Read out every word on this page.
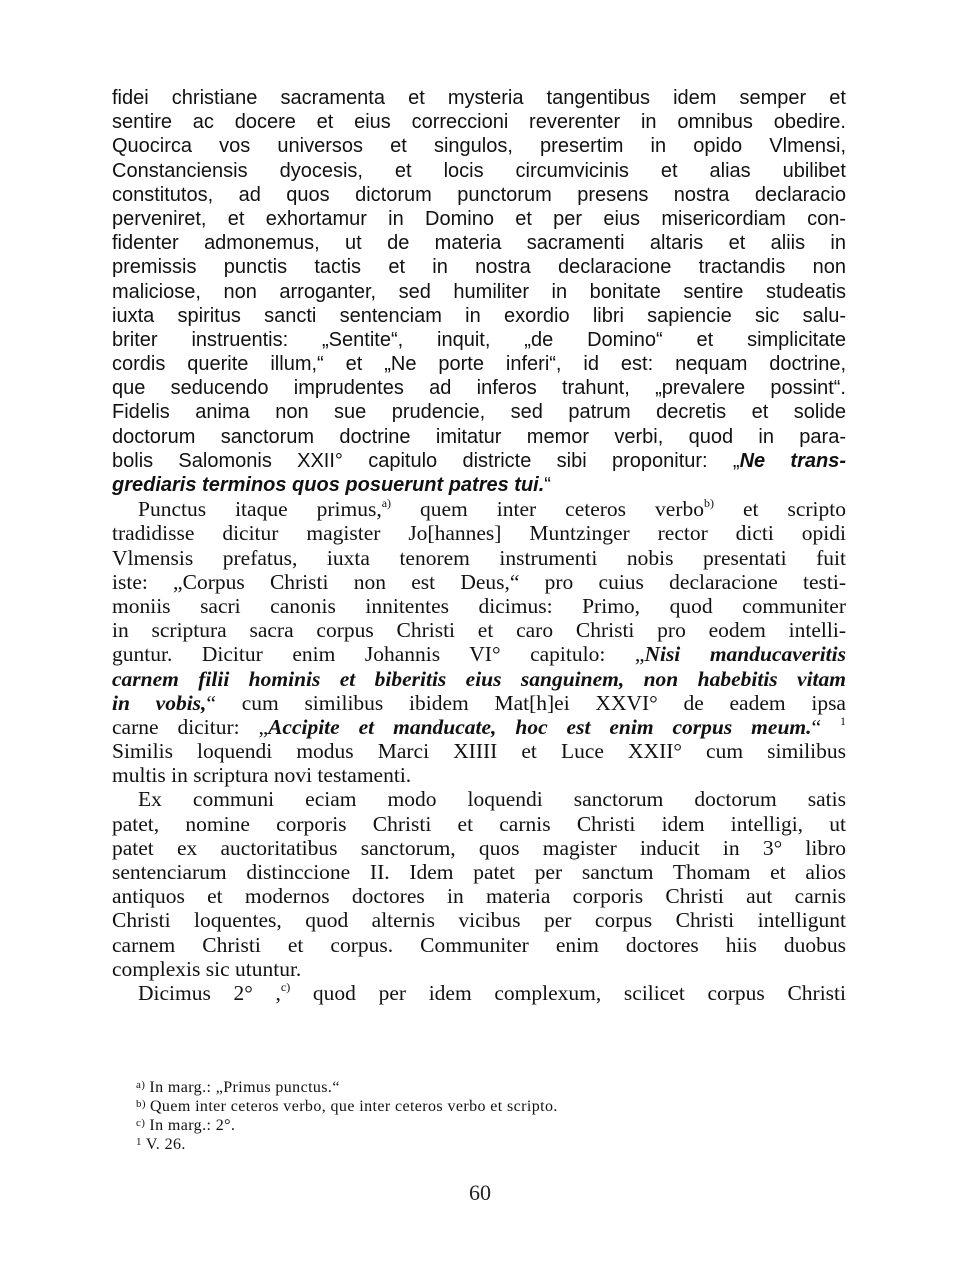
fidei christiane sacramenta et mysteria tangentibus idem semper et
sentire ac docere et eius correccioni reverenter in omnibus obedire.
Quocirca vos universos et singulos, presertim in opido Vlmensi,
Constanciensis dyocesis, et locis circumvicinis et alias ubilibet
constitutos, ad quos dictorum punctorum presens nostra declaracio
perveniret, et exhortamur in Domino et per eius misericordiam con-
fidenter admonemus, ut de materia sacramenti altaris et aliis in
premissis punctis tactis et in nostra declaracione tractandis non
maliciose, non arroganter, sed humiliter in bonitate sentire studeatis
iuxta spiritus sancti sentenciam in exordio libri sapiencie sic salu-
briter instruentis: „Sentite“, inquit, „de Domino“ et simplicitate
cordis querite illum,“ et „Ne porte inferi“, id est: nequam doctrine,
que seducendo imprudentes ad inferos trahunt, „prevalere possint“.
Fidelis anima non sue prudencie, sed patrum decretis et solide
doctorum sanctorum doctrine imitatur memor verbi, quod in para-
bolis Salomonis XXII° capitulo districte sibi proponitur: „Ne trans-
grediaris terminos quos posuerunt patres tui.“
Punctus itaque primus,$^{a)}$ quem inter ceteros verbo$^{b)}$ et scripto
tradidisse dicitur magister Jo[hannes] Muntzinger rector dicti opidi
Vlmensis prefatus, iuxta tenorem instrumenti nobis presentati fuit
iste: „Corpus Christi non est Deus,“ pro cuius declaracione testi-
moniis sacri canonis innitentes dicimus: Primo, quod communiter
in scriptura sacra corpus Christi et caro Christi pro eodem intelli-
guntur. Dicitur enim Johannis VI° capitulo: „Nisi manducaveritis
carnem filii hominis et biberitis eius sanguinem, non habebitis vitam
in vobis,“ cum similibus ibidem Mat[h]ei XXVI° de eadem ipsa
carne dicitur: „Accipite et manducate, hoc est enim corpus meum.“ $^1$
Similis loquendi modus Marci XIIII et Luce XXII° cum similibus
multis in scriptura novi testamenti.
Ex communi eciam modo loquendi sanctorum doctorum satis
patet, nomine corporis Christi et carnis Christi idem intelligi, ut
patet ex auctoritatibus sanctorum, quos magister inducit in 3° libro
sentenciarum distinccione II. Idem patet per sanctum Thomam et alios
antiquos et modernos doctores in materia corporis Christi aut carnis
Christi loquentes, quod alternis vicibus per corpus Christi intelligunt
carnem Christi et corpus. Communiter enim doctores hiis duobus
complexis sic utuntur.
Dicimus 2° ,$^{c)}$ quod per idem complexum, scilicet corpus Christi
$^{a)}$ In marg.: „Primus punctus.“
$^{b)}$ Quem inter ceteros verbo, que inter ceteros verbo et scripto.
$^{c)}$ In marg.: 2°.
$^1$ V. 26.
60
